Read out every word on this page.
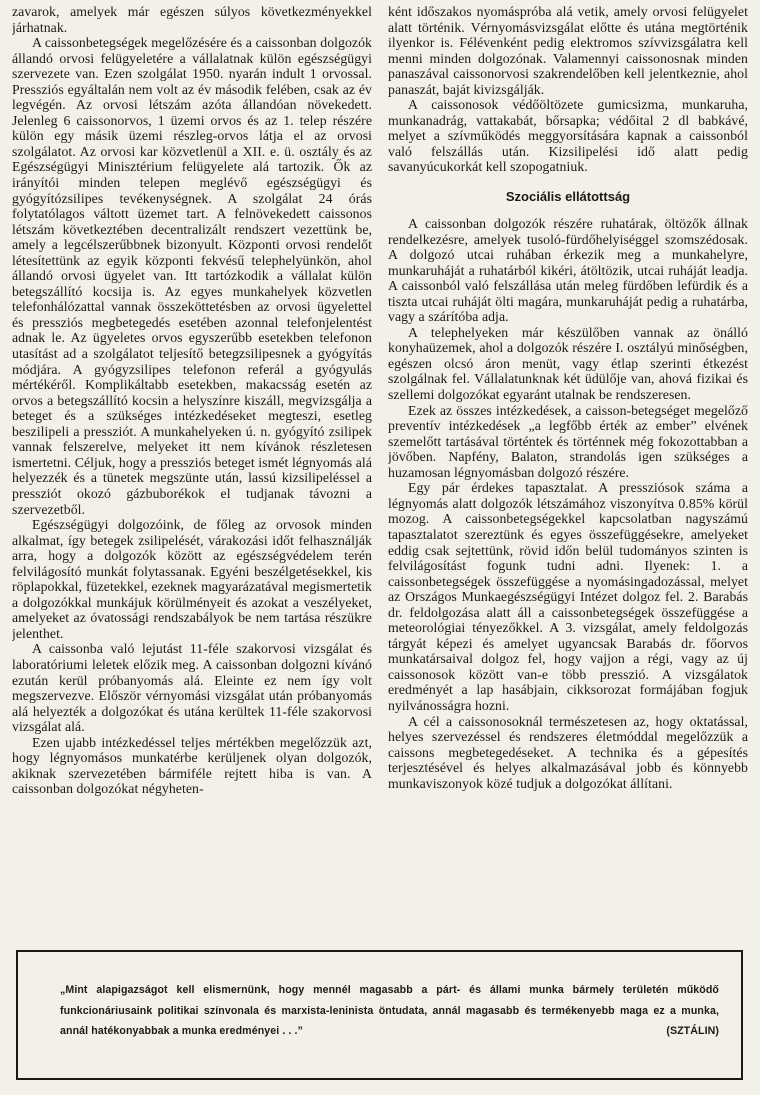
zavarok, amelyek már egészen súlyos következményekkel járhatnak.

A caissonbetegségek megelőzésére és a caissonban dolgozók állandó orvosi felügyeletére a vállalatnak külön egészségügyi szervezete van. Ezen szolgálat 1950. nyarán indult 1 orvossal. Pressziós egyáltalán nem volt az év második felében, csak az év legvégén. Az orvosi létszám azóta állandóan növekedett. Jelenleg 6 caissonorvos, 1 üzemi orvos és az 1. telep részére külön egy másik üzemi részleg-orvos látja el az orvosi szolgálatot. Az orvosi kar közvetlenül a XII. e. ü. osztály és az Egészségügyi Minisztérium felügyelete alá tartozik. Ők az irányítói minden telepen meglévő egészségügyi és gyógyítózsilipes tevékenységnek. A szolgálat 24 órás folytatólagos váltott üzemet tart. A felnövekedett caissonos létszám következtében decentralizált rendszert vezettünk be, amely a legcélszerűbbnek bizonyult. Központi orvosi rendelőt létesítettünk az egyik központi fekvésű telephelyünkön, ahol állandó orvosi ügyelet van. Itt tartózkodik a vállalat külön betegszállító kocsija is. Az egyes munkahelyek közvetlen telefonhálózattal vannak összeköttetésben az orvosi ügyelettel és pressziós megbetegedés esetében azonnal telefonjelentést adnak le. Az ügyeletes orvos egyszerűbb esetekben telefonon utasítást ad a szolgálatot teljesítő betegzsilipesnek a gyógyítás módjára. A gyógyzsilipes telefonon referál a gyógyulás mértékéről. Komplikáltabb esetekben, makacsság esetén az orvos a betegszállító kocsin a helyszínre kiszáll, megvizsgálja a beteget és a szükséges intézkedéseket megteszi, esetleg beszilipeli a pressziót. A munkahelyeken ú. n. gyógyító zsilipek vannak felszerelve, melyeket itt nem kívánok részletesen ismertetni. Céljuk, hogy a pressziós beteget ismét légnyomás alá helyezzék és a tünetek megszünte után, lassú kizsilipeléssel a pressziót okozó gázbuborékok el tudjanak távozni a szervezetből.

Egészségügyi dolgozóink, de főleg az orvosok minden alkalmat, így betegek zsilipelését, várakozási időt felhasználják arra, hogy a dolgozók között az egészségvédelem terén felvilágosító munkát folytassanak. Egyéni beszélgetésekkel, kis röplapokkal, füzetekkel, ezeknek magyarázatával megismertetik a dolgozókkal munkájuk körülményeit és azokat a veszélyeket, amelyeket az óvatossági rendszabályok be nem tartása részükre jelenthet.

A caissonba való lejutást 11-féle szakorvosi vizsgálat és laboratóriumi leletek előzik meg. A caissonban dolgozni kívánó ezután kerül próbanyomás alá. Eleinte ez nem így volt megszervezve. Először vérnyomási vizsgálat után próbanyomás alá helyezték a dolgozókat és utána kerültek 11-féle szakorvosi vizsgálat alá.

Ezen ujabb intézkedéssel teljes mértékben megelőzzük azt, hogy légnyomásos munkatérbe kerüljenek olyan dolgozók, akiknak szervezetében bármiféle rejtett hiba is van. A caissonban dolgozókat négyheten-

ként időszakos nyomáspróba alá vetik, amely orvosi felügyelet alatt történik. Vérnyomásvizsgálat előtte és utána megtörténik ilyenkor is. Félévenként pedig elektromos szívvizsgálatra kell menni minden dolgozónak. Valamennyi caissonosnak minden panaszával caissonorvosi szakrendelőben kell jelentkeznie, ahol panaszát, baját kivizsgálják.

A caissonosok védőöltözete gumicsizma, munkaruha, munkanadrág, vattakabát, bőrsapka; védőital 2 dl babkávé, melyet a szívműködés meggyorsítására kapnak a caissonból való felszállás után. Kizsilipelési idő alatt pedig savanyúcukorkát kell szopogatniuk.

Szociális ellátottság

A caissonban dolgozók részére ruhatárak, öltözők állnak rendelkezésre, amelyek tusoló-fürdőhelyiséggel szomszédosak. A dolgozó utcai ruhában érkezik meg a munkahelyre, munkaruháját a ruhatárból kikéri, átöltözik, utcai ruháját leadja. A caissonból való felszállása után meleg fürdőben lefürdik és a tiszta utcai ruháját ölti magára, munkaruháját pedig a ruhatárba, vagy a szárítóba adja.

A telephelyeken már készülőben vannak az önálló konyhaüzemek, ahol a dolgozók részére I. osztályú minőségben, egészen olcsó áron menüt, vagy étlap szerinti étkezést szolgálnak fel. Vállalatunknak két üdülője van, ahová fizikai és szellemi dolgozókat egyaránt utalnak be rendszeresen.

Ezek az összes intézkedések, a caisson-betegséget megelőző preventív intézkedések „a legfőbb érték az ember” elvének szemelőtt tartásával történtek és történnek még fokozottabban a jövőben. Napfény, Balaton, strandolás igen szükséges a huzamosan légnyomásban dolgozó részére.

Egy pár érdekes tapasztalat. A pressziósok száma a légnyomás alatt dolgozók létszámához viszonyítva 0.85% körül mozog. A caissonbetegségekkel kapcsolatban nagyszámú tapasztalatot szereztünk és egyes összefüggésekre, amelyeket eddig csak sejtettünk, rövid időn belül tudományos szinten is felvilágosítást fogunk tudni adni. Ilyenek: 1. a caissonbetegségek összefüggése a nyomásingadozással, melyet az Országos Munkaegészségügyi Intézet dolgoz fel. 2. Barabás dr. feldolgozása alatt áll a caissonbetegségek összefüggése a meteorológiai tényezőkkel. A 3. vizsgálat, amely feldolgozás tárgyát képezi és amelyet ugyancsak Barabás dr. főorvos munkatársaival dolgoz fel, hogy vajjon a régi, vagy az új caissonosok között van-e több presszió. A vizsgálatok eredményét a lap hasábjain, cikksorozat formájában fogjuk nyilvánosságra hozni.

A cél a caissonosoknál természetesen az, hogy oktatással, helyes szervezéssel és rendszeres életmóddal megelőzzük a caissons megbetegedéseket. A technika és a gépesítés terjesztésével és helyes alkalmazásával jobb és könnyebb munkaviszonyok közé tudjuk a dolgozókat állítani.

„Mint alapigazságot kell elismernünk, hogy mennél magasabb a párt- és állami munka bármely területén működő funkcionáriusaink politikai színvonala és marxista-leninista öntudata, annál magasabb és termékenyebb maga ez a munka, annál hatékonyabbak a munka eredményei . . .”	(SZTÁLIN)
